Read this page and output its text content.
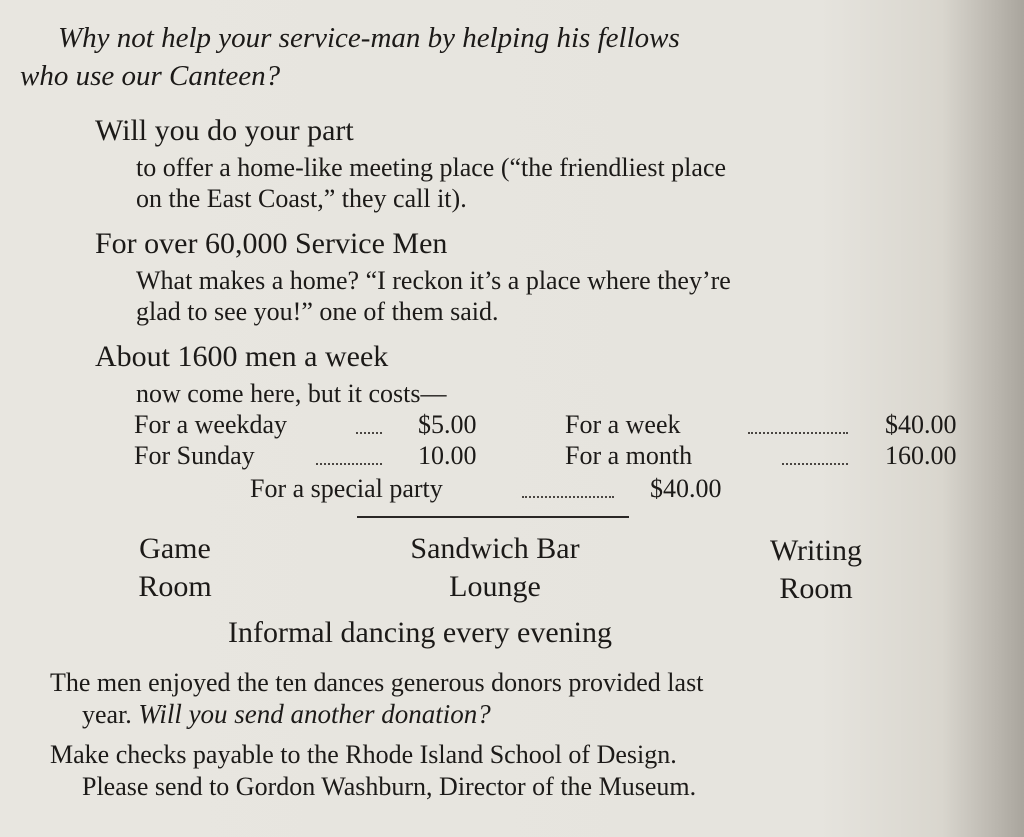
Why not help your service-man by helping his fellows
who use our Canteen?
Will you do your part
to offer a home-like meeting place (“the friendliest place
on the East Coast,” they call it).
For over 60,000 Service Men
What makes a home? “I reckon it’s a place where they’re
glad to see you!” one of them said.
About 1600 men a week
now come here, but it costs—
For a weekday	$5.00	For a week	$40.00
For Sunday	10.00	For a month	160.00
For a special party	$40.00
Game
Room
Sandwich Bar
Lounge
Writing
Room
Informal dancing every evening
The men enjoyed the ten dances generous donors provided last
year. Will you send another donation?
Make checks payable to the Rhode Island School of Design.
Please send to Gordon Washburn, Director of the Museum.
